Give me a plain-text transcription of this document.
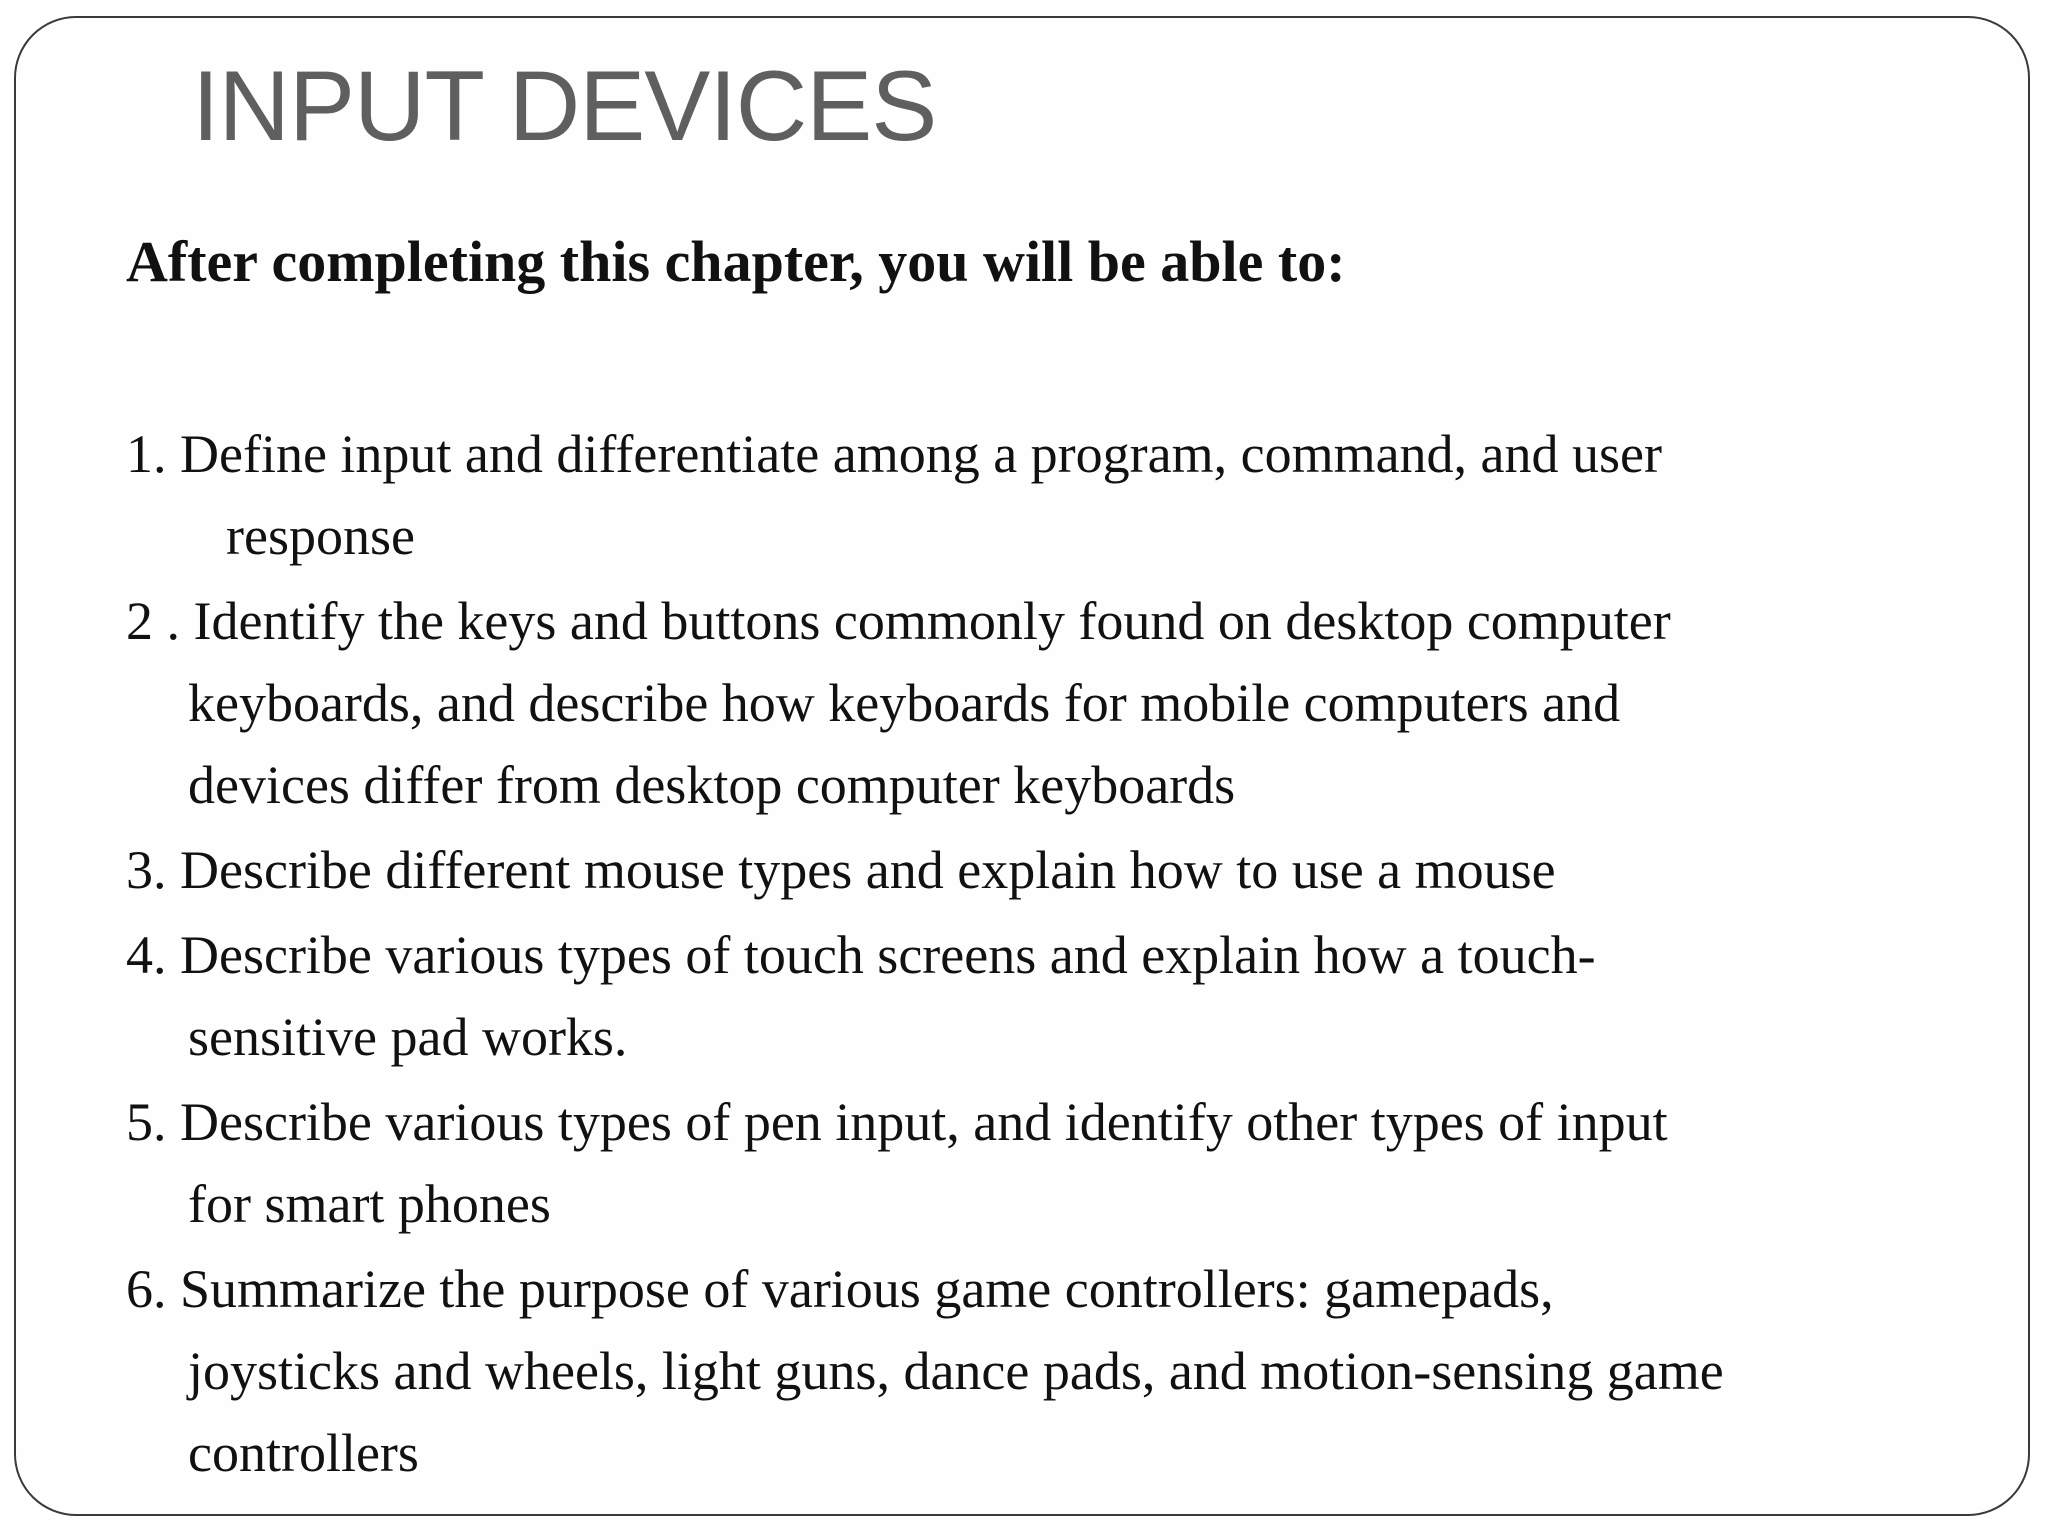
INPUT DEVICES

After completing this chapter, you will be able to:

1. Define input and differentiate among a program, command, and user
response
2 . Identify the keys and buttons commonly found on desktop computer
keyboards, and describe how keyboards for mobile computers and
devices differ from desktop computer keyboards
3. Describe different mouse types and explain how to use a mouse
4. Describe various types of touch screens and explain how a touch-
sensitive pad works.
5. Describe various types of pen input, and identify other types of input
for smart phones
6. Summarize the purpose of various game controllers: gamepads,
joysticks and wheels, light guns, dance pads, and motion-sensing game
controllers
